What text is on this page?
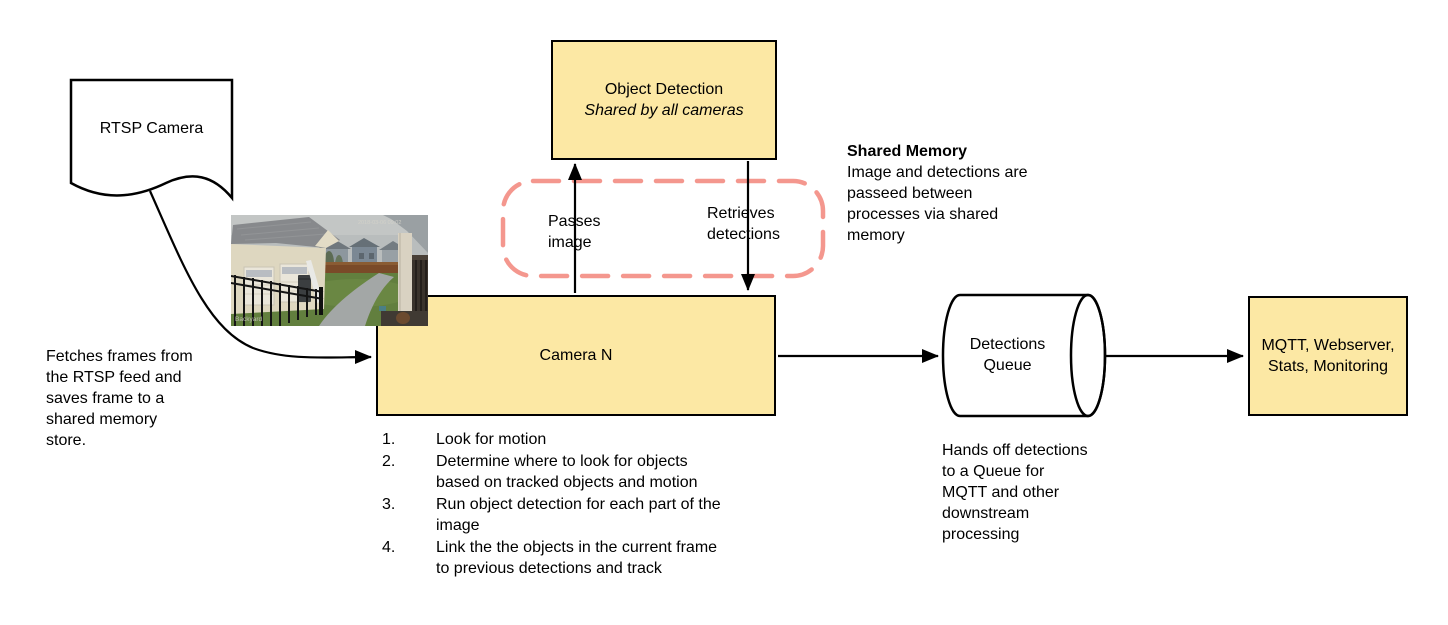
Object Detection
Shared by all cameras
Camera N
MQTT, Webserver,
Stats, Monitoring
Backyard
2018-03-06 09:02
RTSP Camera
Fetches frames from
the RTSP feed and
saves frame to a
shared memory
store.
Passes
image
Retrieves
detections
Shared Memory
Image and detections are
passeed between
processes via shared
memory
1.	Look for motion
2.	Determine where to look for objects
based on tracked objects and motion
3.	Run object detection for each part of the
image
4.	Link the the objects in the current frame
to previous detections and track
Detections
Queue
Hands off detections
to a Queue for
MQTT and other
downstream
processing
